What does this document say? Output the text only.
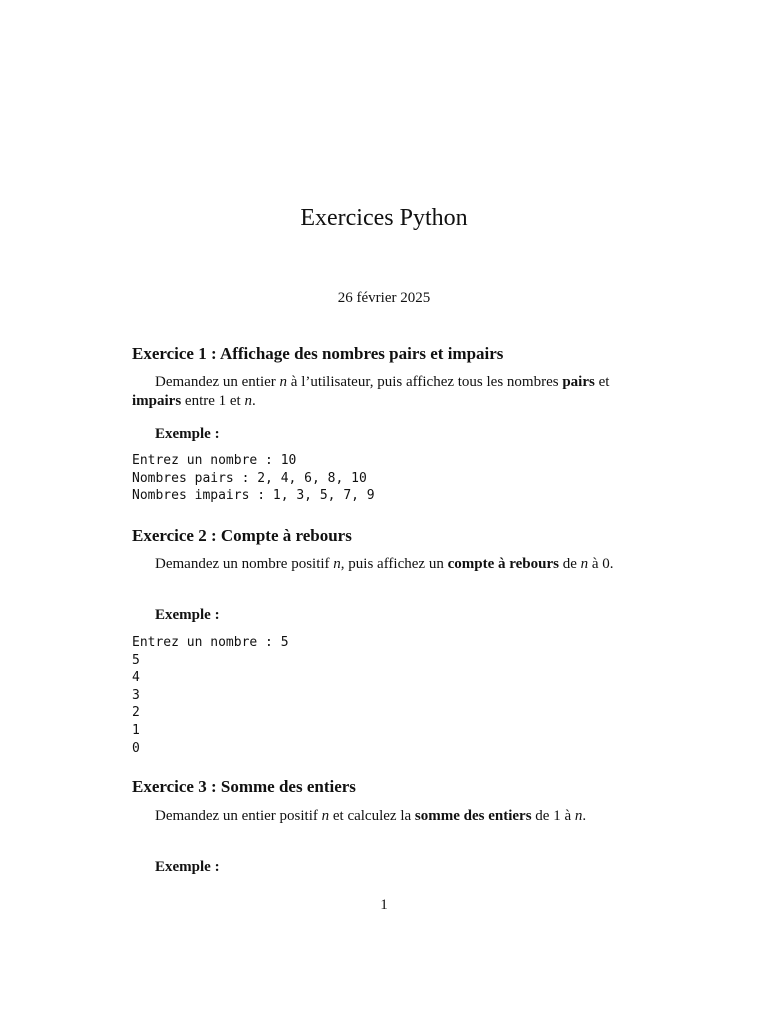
Exercices Python
26 février 2025
Exercice 1 : Affichage des nombres pairs et impairs
Demandez un entier n à l’utilisateur, puis affichez tous les nombres pairs et impairs entre 1 et n.
Exemple :
Entrez un nombre : 10
Nombres pairs : 2, 4, 6, 8, 10
Nombres impairs : 1, 3, 5, 7, 9
Exercice 2 : Compte à rebours
Demandez un nombre positif n, puis affichez un compte à rebours de n à 0.
Exemple :
Entrez un nombre : 5
5
4
3
2
1
0
Exercice 3 : Somme des entiers
Demandez un entier positif n et calculez la somme des entiers de 1 à n.
Exemple :
1
